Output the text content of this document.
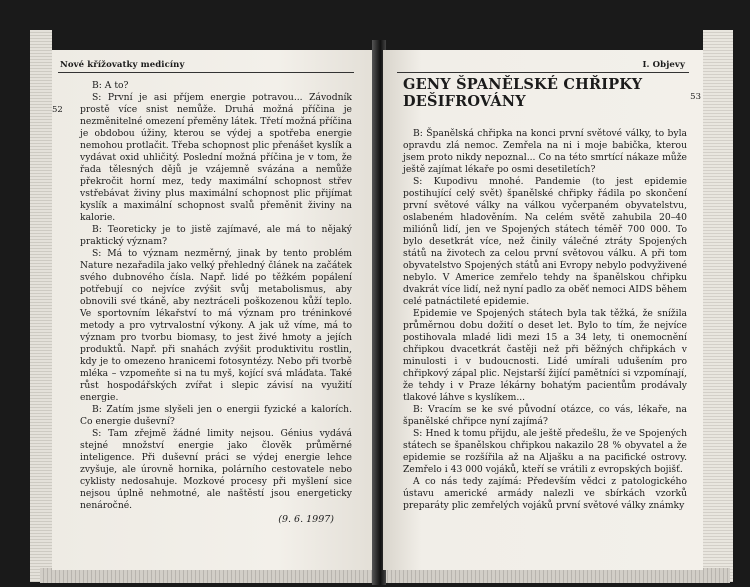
Nové křížovatky medicíny
52

B: A to?

S: První je asi příjem energie potravou... Závodník prostě více snist nemůže. Druhá možná příčina je nezměnitelné omezení přeměny látek. Třetí možná příčina je obdobou úžiny, kterou se výdej a spotřeba energie nemohou protlačit. Třeba schopnost plic přenášet kyslík a vydávat oxid uhličitý. Poslední možná příčina je v tom, že řada tělesných dějů je vzájemně svázána a nemůže překročit horní mez, tedy maximální schopnost střev vstřebávat živiny plus maximální schopnost plic přijímat kyslík a maximální schopnost svalů přeměnit živiny na kalorie.

B: Teoreticky je to jistě zajímavé, ale má to nějaký praktický význam?

S: Má to význam nezměrný, jinak by tento problém Nature nezařadila jako velký přehledný článek na začátek svého dubnového čísla. Např. lidé po těžkém popálení potřebují co nejvíce zvýšit svůj metabolismus, aby obnovili své tkáně, aby neztráceli poškozenou kůží teplo. Ve sportovním lékařství to má význam pro tréninkové metody a pro vytrvalostní výkony. A jak už víme, má to význam pro tvorbu biomasy, to jest živé hmoty a jejích produktů. Např. při snahách zvýšit produktivitu rostlin, kdy je to omezeno hranicemi fotosyntézy. Nebo při tvorbě mléka – vzpomeňte si na tu myš, kojící svá mláďata. Také růst hospodářských zvířat i slepic závisí na využití energie.

B: Zatím jsme slyšeli jen o energii fyzické a kalorích. Co energie duševní?

S: Tam zřejmě žádné limity nejsou. Génius vydává stejné množství energie jako člověk průměrné inteligence. Při duševní práci se výdej energie lehce zvyšuje, ale úrovně hornika, polárního cestovatele nebo cyklisty nedosahuje. Mozkové procesy při myšlení sice nejsou úplně nehmotné, ale naštěstí jsou energeticky nenáročné.

(9. 6. 1997)
I. Objevy
53
GENY ŠPANĚLSKÉ CHŘIPKY DEŠIFROVÁNY

B: Španělská chřipka na konci první světové války, to byla opravdu zlá nemoc. Zemřela na ni i moje babička, kterou jsem proto nikdy nepoznal... Co na této smrtící nákaze může ještě zajímat lékaře po osmi desetiletích?

S: Kupodivu mnohé. Pandemie (to jest epidemie postihující celý svět) španělské chřipky řádila po skončení první světové války na válkou vyčerpaném obyvatelstvu, oslabeném hladověním. Na celém světě zahubila 20–40 miliónů lidí, jen ve Spojených státech téměř 700 000. To bylo desetkrát více, než činily válečné ztráty Spojených států na životech za celou první světovou válku. A při tom obyvatelstvo Spojených států ani Evropy nebylo podvyživené nebylo. V Americe zemřelo tehdy na španělskou chřipku dvakrát více lidí, než nyní padlo za oběť nemoci AIDS během celé patnáctileté epidemie.

Epidemie ve Spojených státech byla tak těžká, že snížila průměrnou dobu dožití o deset let. Bylo to tím, že nejvíce postihovala mladé lidi mezi 15 a 34 lety, ti onemocnění chřipkou dvacetkrát častěji než při běžných chřipkách v minulosti i v budoucnosti. Lidé umírali udušením pro chřipkový zápal plic. Nejstarší žijící pamětníci si vzpomínají, že tehdy i v Praze lékárny bohatým pacientům prodávaly tlakové láhve s kyslíkem...

B: Vracím se ke své původní otázce, co vás, lékaře, na španělské chřipce nyní zajímá?

S: Hned k tomu přijdu, ale ještě předešlu, že ve Spojených státech se španělskou chřipkou nakazilo 28 % obyvatel a že epidemie se rozšířila až na Aljašku a na pacifické ostrovy. Zemřelo i 43 000 vojáků, kteří se vrátili z evropských bojišť.

A co nás tedy zajímá: Především vědci z patologického ústavu americké armády nalezli ve sbírkách vzorků preparáty plic zemřelých vojáků první světové války známky
